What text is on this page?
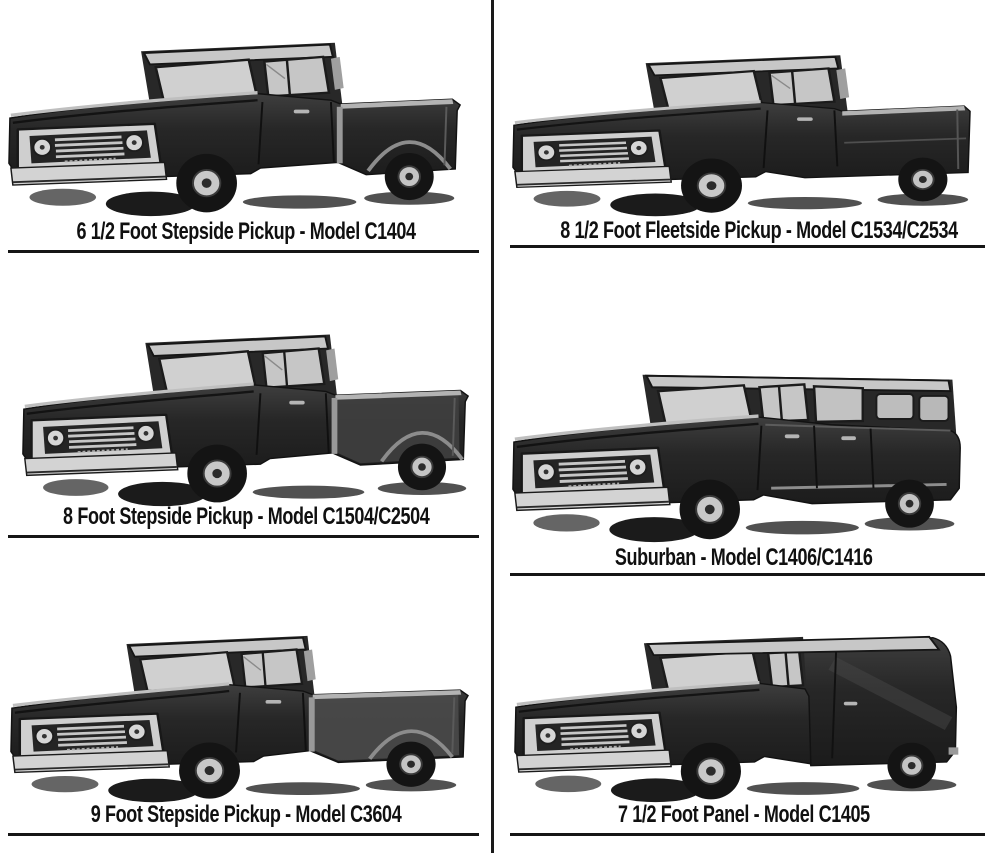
6 1/2 Foot Stepside Pickup - Model C1404	8 1/2 Foot Fleetside Pickup - Model C1534/C2534
8 Foot Stepside Pickup - Model C1504/C2504
Suburban - Model C1406/C1416
9 Foot Stepside Pickup - Model C3604	7 1/2 Foot Panel - Model C1405
